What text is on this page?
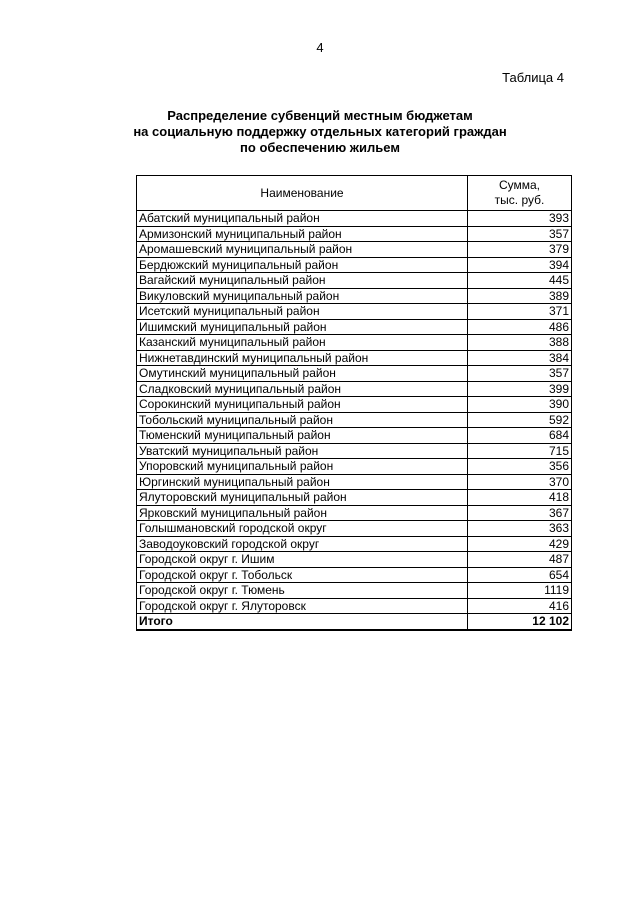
4
Таблица 4
Распределение субвенций местным бюджетам
на социальную поддержку отдельных категорий граждан
по обеспечению жильем
Наименование	Сумма,
тыс. руб.
Абатский муниципальный район	393
Армизонский муниципальный район	357
Аромашевский муниципальный район	379
Бердюжский муниципальный район	394
Вагайский муниципальный район	445
Викуловский муниципальный район	389
Исетский муниципальный район	371
Ишимский муниципальный район	486
Казанский муниципальный район	388
Нижнетавдинский муниципальный район	384
Омутинский муниципальный район	357
Сладковский муниципальный район	399
Сорокинский муниципальный район	390
Тобольский муниципальный район	592
Тюменский муниципальный район	684
Уватский муниципальный район	715
Упоровский муниципальный район	356
Юргинский муниципальный район	370
Ялуторовский муниципальный район	418
Ярковский муниципальный район	367
Голышмановский городской округ	363
Заводоуковский городской округ	429
Городской округ г. Ишим	487
Городской округ г. Тобольск	654
Городской округ г. Тюмень	1119
Городской округ г. Ялуторовск	416
Итого	12 102
